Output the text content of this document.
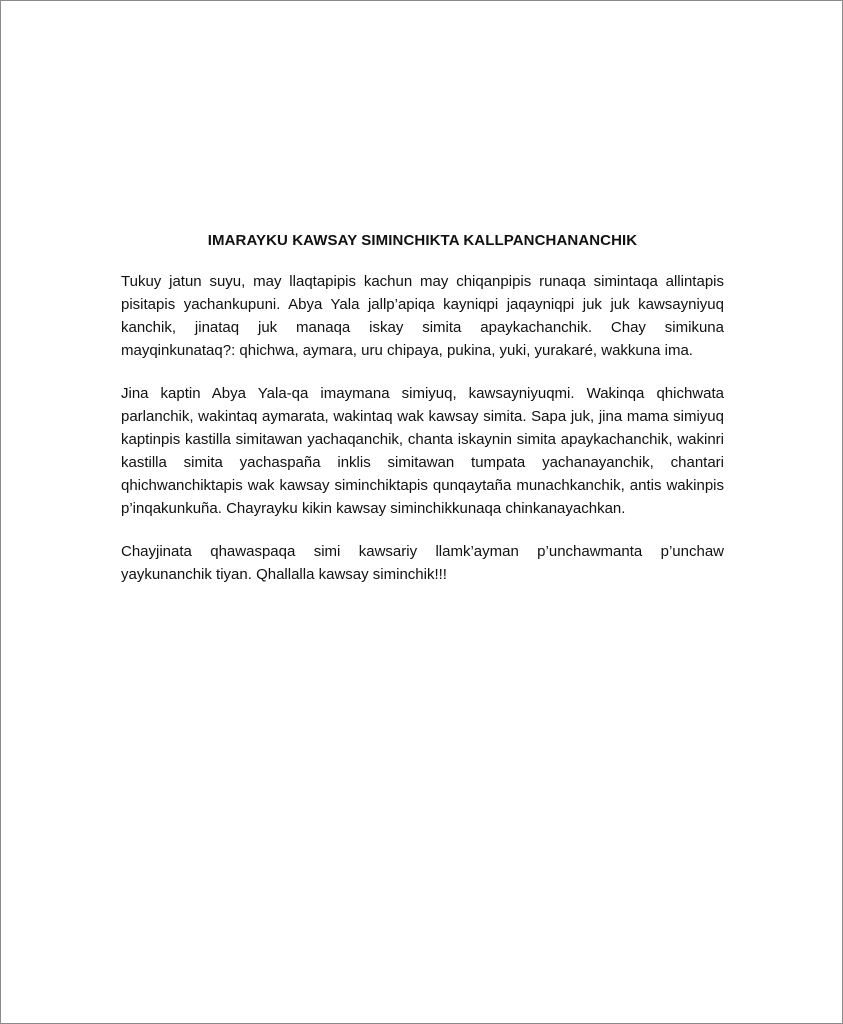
IMARAYKU KAWSAY SIMINCHIKTA KALLPANCHANANCHIK

Tukuy jatun suyu, may llaqtapipis kachun may chiqanpipis runaqa simintaqa allintapis pisitapis yachankupuni. Abya Yala jallp’apiqa kayniqpi jaqayniqpi juk juk kawsayniyuq kanchik, jinataq juk manaqa iskay simita apaykachanchik. Chay simikuna mayqinkunataq?: qhichwa, aymara, uru chipaya, pukina, yuki, yurakaré, wakkuna ima.

Jina kaptin Abya Yala-qa imaymana simiyuq, kawsayniyuqmi. Wakinqa qhichwata parlanchik, wakintaq aymarata, wakintaq wak kawsay simita. Sapa juk, jina mama simiyuq kaptinpis kastilla simitawan yachaqanchik, chanta iskaynin simita apaykachanchik, wakinri kastilla simita yachaspaña inklis simitawan tumpata yachanayanchik, chantari qhichwanchiktapis wak kawsay siminchiktapis qunqaytaña munachkanchik, antis wakinpis p’inqakunkuña. Chayrayku kikin kawsay siminchikkunaqa chinkanayachkan.

Chayjinata qhawaspaqa simi kawsariy llamk’ayman p’unchawmanta p’unchaw yaykunanchik tiyan. Qhallalla kawsay siminchik!!!
